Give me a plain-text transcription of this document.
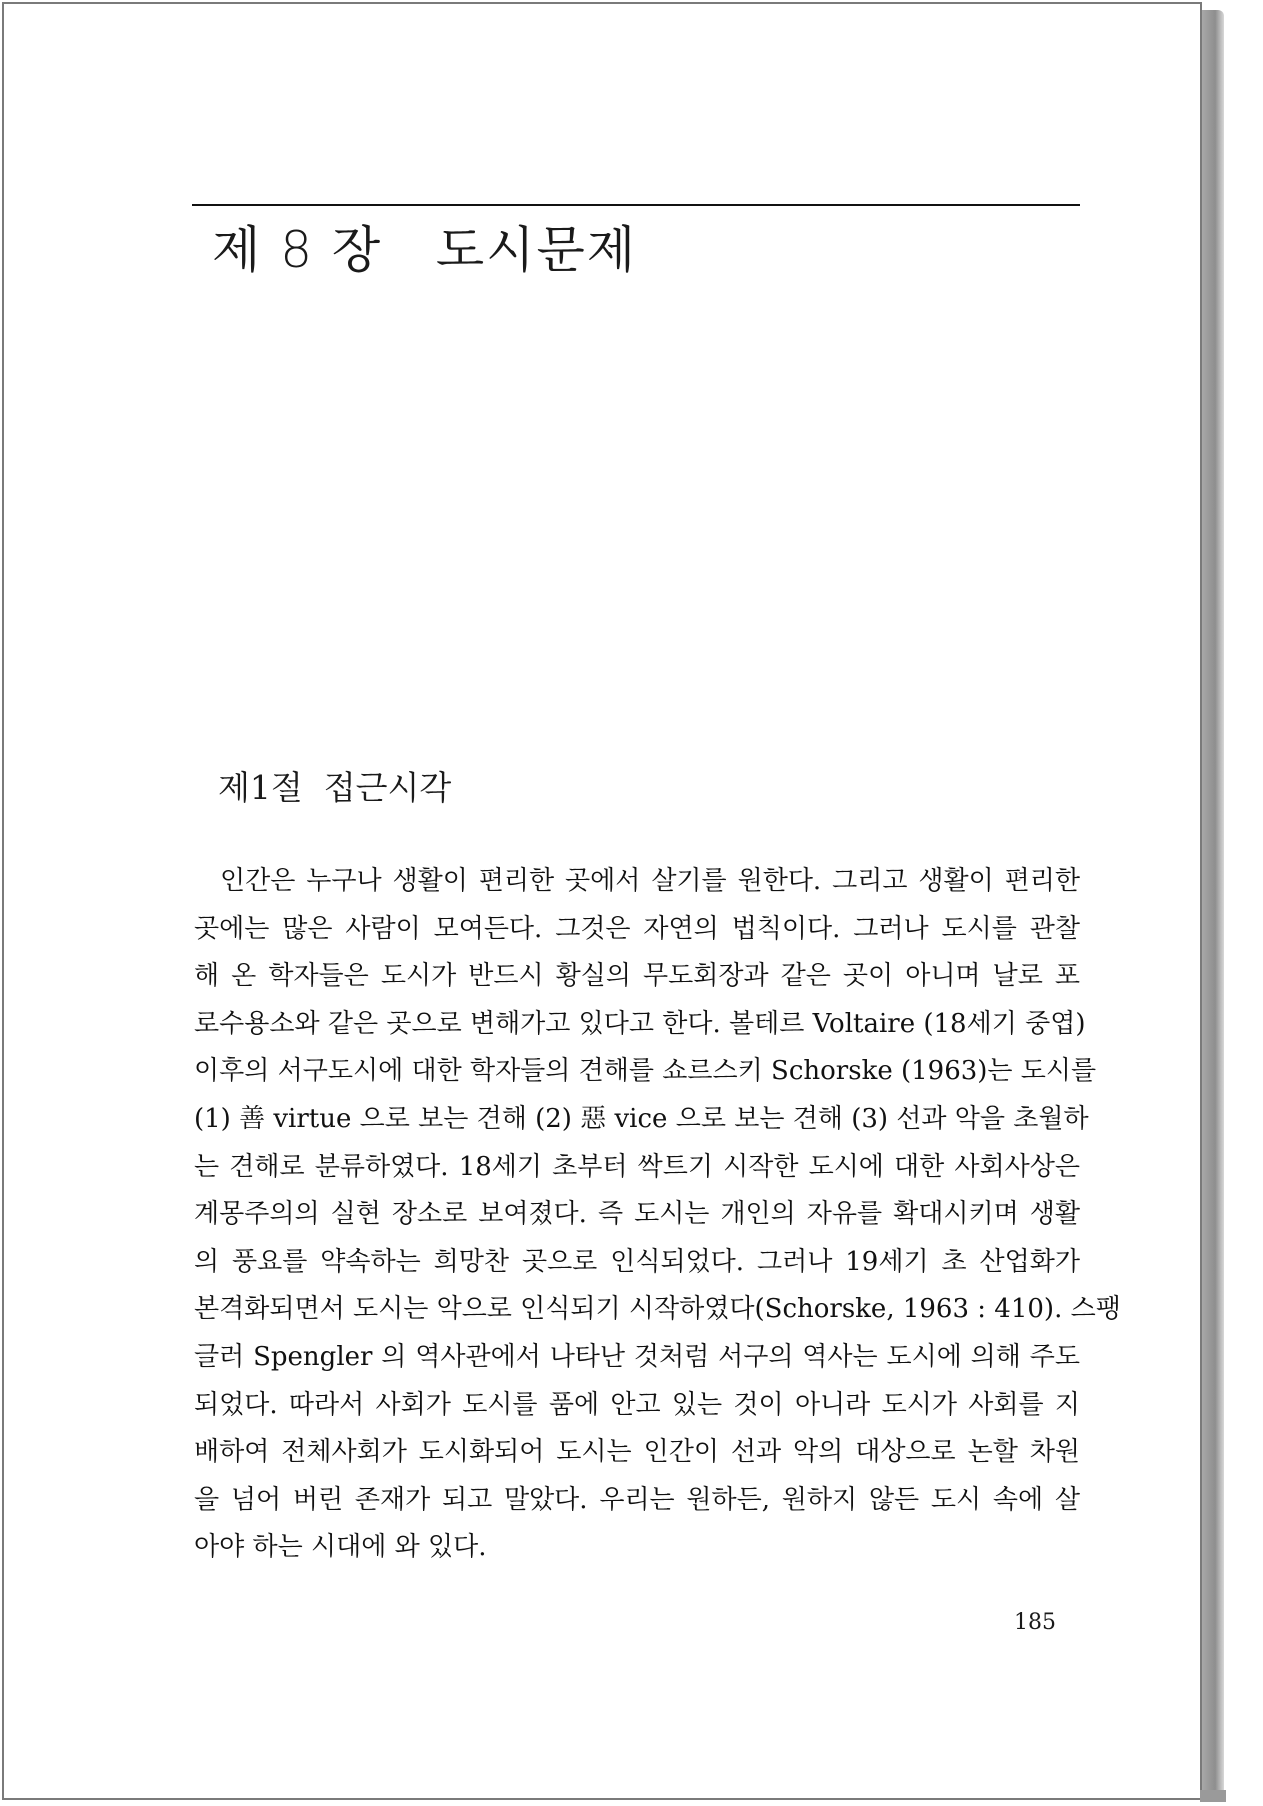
제 8 장   도시문제
제1절  접근시각
인간은 누구나 생활이 편리한 곳에서 살기를 원한다. 그리고 생활이 편리한
곳에는 많은 사람이 모여든다. 그것은 자연의 법칙이다. 그러나 도시를 관찰
해 온 학자들은 도시가 반드시 황실의 무도회장과 같은 곳이 아니며 날로 포
로수용소와 같은 곳으로 변해가고 있다고 한다. 볼테르 Voltaire (18세기 중엽)
이후의 서구도시에 대한 학자들의 견해를 쇼르스키 Schorske (1963)는 도시를
(1) 善 virtue 으로 보는 견해 (2) 惡 vice 으로 보는 견해 (3) 선과 악을 초월하
는 견해로 분류하였다. 18세기 초부터 싹트기 시작한 도시에 대한 사회사상은
계몽주의의 실현 장소로 보여졌다. 즉 도시는 개인의 자유를 확대시키며 생활
의 풍요를 약속하는 희망찬 곳으로 인식되었다. 그러나 19세기 초 산업화가
본격화되면서 도시는 악으로 인식되기 시작하였다(Schorske, 1963 : 410). 스팽
글러 Spengler 의 역사관에서 나타난 것처럼 서구의 역사는 도시에 의해 주도
되었다. 따라서 사회가 도시를 품에 안고 있는 것이 아니라 도시가 사회를 지
배하여 전체사회가 도시화되어 도시는 인간이 선과 악의 대상으로 논할 차원
을 넘어 버린 존재가 되고 말았다. 우리는 원하든, 원하지 않든 도시 속에 살
아야 하는 시대에 와 있다.
185
